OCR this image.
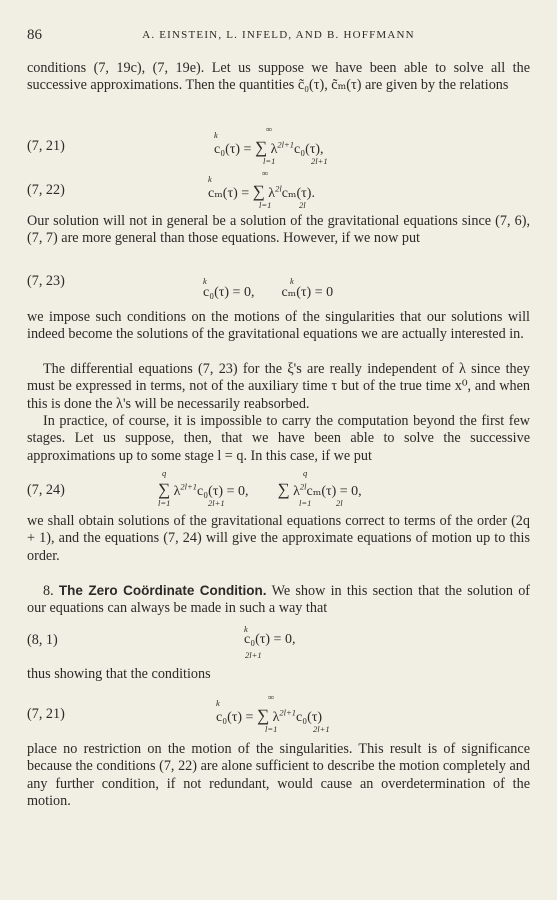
86	A. EINSTEIN, L. INFELD, AND B. HOFFMANN

conditions (7, 19c), (7, 19e). Let us suppose we have been able to solve all the successive approximations. Then the quantities c̃₀(τ), c̃ₘ(τ) are given by the relations

(7, 21)
k
c₀(τ) = ∑
∞
l=1
$\lambda^{2l+1}c_0(\tau)$,
2l+1
(7, 22)
k
cₘ(τ) = ∑
∞
l=1
$\lambda^{2l}c_m(\tau)$.
2l

Our solution will not in general be a solution of the gravitational equations since (7, 6), (7, 7) are more general than those equations. However, if we now put

(7, 23)	k
c₀(τ) = 0,
k
cₘ(τ) = 0

we impose such conditions on the motions of the singularities that our solutions will indeed become the solutions of the gravitational equations we are actually interested in.

The differential equations (7, 23) for the ξ's are really independent of λ since they must be expressed in terms, not of the auxiliary time τ but of the true time x⁰, and when this is done the λ's will be necessarily reabsorbed.

In practice, of course, it is impossible to carry the computation beyond the first few stages. Let us suppose, then, that we have been able to solve the successive approximations up to some stage l = q. In this case, if we put

(7, 24)
q
∑
l=1
$\lambda^{2l+1}c_0(\tau) = 0$,
2l+1

q
∑
l=1
$\lambda^{2l}c_m(\tau) = 0$,
2l

we shall obtain solutions of the gravitational equations correct to terms of the order (2q + 1), and the equations (7, 24) will give the approximate equations of motion up to this order.

8. The Zero Coördinate Condition. We show in this section that the solution of our equations can always be made in such a way that

(8, 1)
k
c₀(τ) = 0,
2l+1

thus showing that the conditions

(7, 21)
k
c₀(τ) = ∑
∞
l=1
$\lambda^{2l+1}c_0(\tau)$
2l+1

place no restriction on the motion of the singularities. This result is of significance because the conditions (7, 22) are alone sufficient to describe the motion completely and any further condition, if not redundant, would cause an overdetermination of the motion.
